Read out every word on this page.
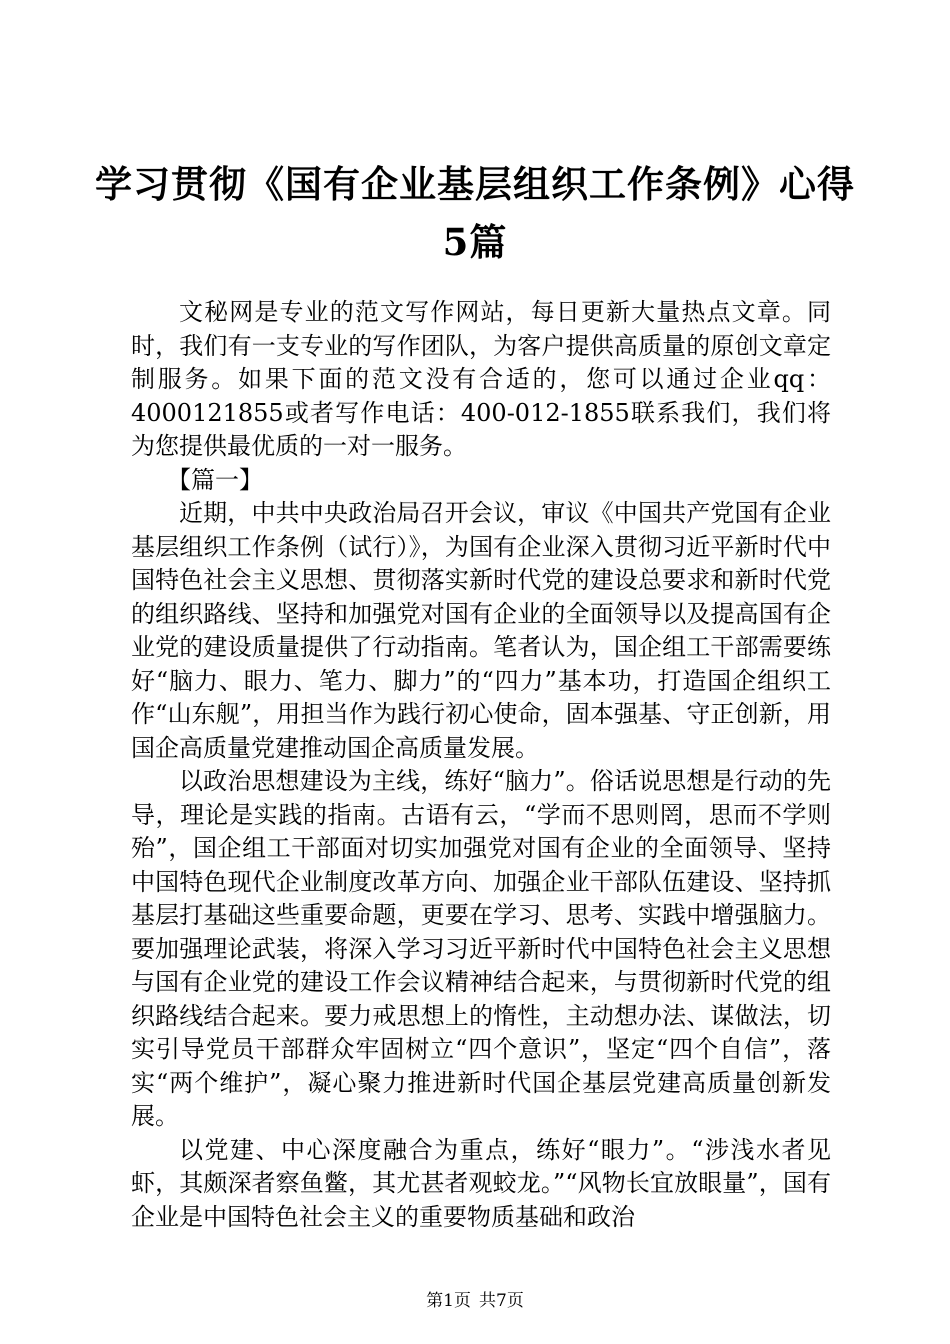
学习贯彻《国有企业基层组织工作条例》心得
5篇

文秘网是专业的范文写作网站，每日更新大量热点文章。同时，我们有一支专业的写作团队，为客户提供高质量的原创文章定制服务。如果下面的范文没有合适的，您可以通过企业qq：4000121855或者写作电话：400-012-1855联系我们，我们将为您提供最优质的一对一服务。

【篇一】

近期，中共中央政治局召开会议，审议《中国共产党国有企业基层组织工作条例（试行）》，为国有企业深入贯彻习近平新时代中国特色社会主义思想、贯彻落实新时代党的建设总要求和新时代党的组织路线、坚持和加强党对国有企业的全面领导以及提高国有企业党的建设质量提供了行动指南。笔者认为，国企组工干部需要练好“脑力、眼力、笔力、脚力”的“四力”基本功，打造国企组织工作“山东舰”，用担当作为践行初心使命，固本强基、守正创新，用国企高质量党建推动国企高质量发展。

以政治思想建设为主线，练好“脑力”。俗话说思想是行动的先导，理论是实践的指南。古语有云，“学而不思则罔，思而不学则殆”，国企组工干部面对切实加强党对国有企业的全面领导、坚持中国特色现代企业制度改革方向、加强企业干部队伍建设、坚持抓基层打基础这些重要命题，更要在学习、思考、实践中增强脑力。要加强理论武装，将深入学习习近平新时代中国特色社会主义思想与国有企业党的建设工作会议精神结合起来，与贯彻新时代党的组织路线结合起来。要力戒思想上的惰性，主动想办法、谋做法，切实引导党员干部群众牢固树立“四个意识”，坚定“四个自信”，落实“两个维护”，凝心聚力推进新时代国企基层党建高质量创新发展。

以党建、中心深度融合为重点，练好“眼力”。“涉浅水者见虾，其颇深者察鱼鳖，其尤甚者观蛟龙。”“风物长宜放眼量”，国有企业是中国特色社会主义的重要物质基础和政治

第1页 共7页
